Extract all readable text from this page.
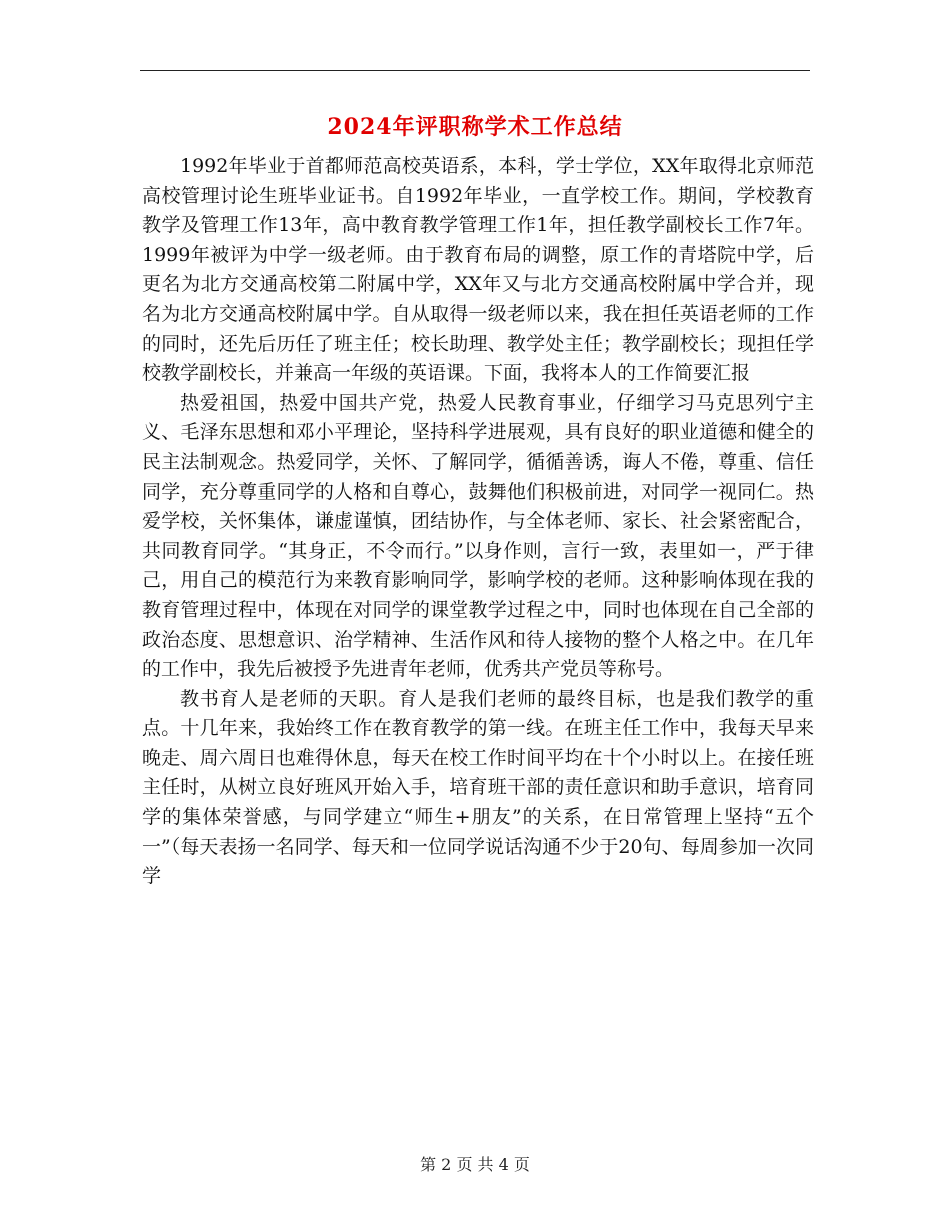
2024年评职称学术工作总结

1992年毕业于首都师范高校英语系，本科，学士学位，XX年取得北京师范高校管理讨论生班毕业证书。自1992年毕业，一直学校工作。期间，学校教育教学及管理工作13年，高中教育教学管理工作1年，担任教学副校长工作7年。1999年被评为中学一级老师。由于教育布局的调整，原工作的青塔院中学，后更名为北方交通高校第二附属中学，XX年又与北方交通高校附属中学合并，现名为北方交通高校附属中学。自从取得一级老师以来，我在担任英语老师的工作的同时，还先后历任了班主任；校长助理、教学处主任；教学副校长；现担任学校教学副校长，并兼高一年级的英语课。下面，我将本人的工作简要汇报

热爱祖国，热爱中国共产党，热爱人民教育事业，仔细学习马克思列宁主义、毛泽东思想和邓小平理论，坚持科学进展观，具有良好的职业道德和健全的民主法制观念。热爱同学，关怀、了解同学，循循善诱，诲人不倦，尊重、信任同学，充分尊重同学的人格和自尊心，鼓舞他们积极前进，对同学一视同仁。热爱学校，关怀集体，谦虚谨慎，团结协作，与全体老师、家长、社会紧密配合，共同教育同学。“其身正，不令而行。”以身作则，言行一致，表里如一，严于律己，用自己的模范行为来教育影响同学，影响学校的老师。这种影响体现在我的教育管理过程中，体现在对同学的课堂教学过程之中，同时也体现在自己全部的政治态度、思想意识、治学精神、生活作风和待人接物的整个人格之中。在几年的工作中，我先后被授予先进青年老师，优秀共产党员等称号。

教书育人是老师的天职。育人是我们老师的最终目标，也是我们教学的重点。十几年来，我始终工作在教育教学的第一线。在班主任工作中，我每天早来晚走、周六周日也难得休息，每天在校工作时间平均在十个小时以上。在接任班主任时，从树立良好班风开始入手，培育班干部的责任意识和助手意识，培育同学的集体荣誉感，与同学建立“师生+朋友”的关系，在日常管理上坚持“五个一”（每天表扬一名同学、每天和一位同学说话沟通不少于20句、每周参加一次同学

第 2 页 共 4 页
